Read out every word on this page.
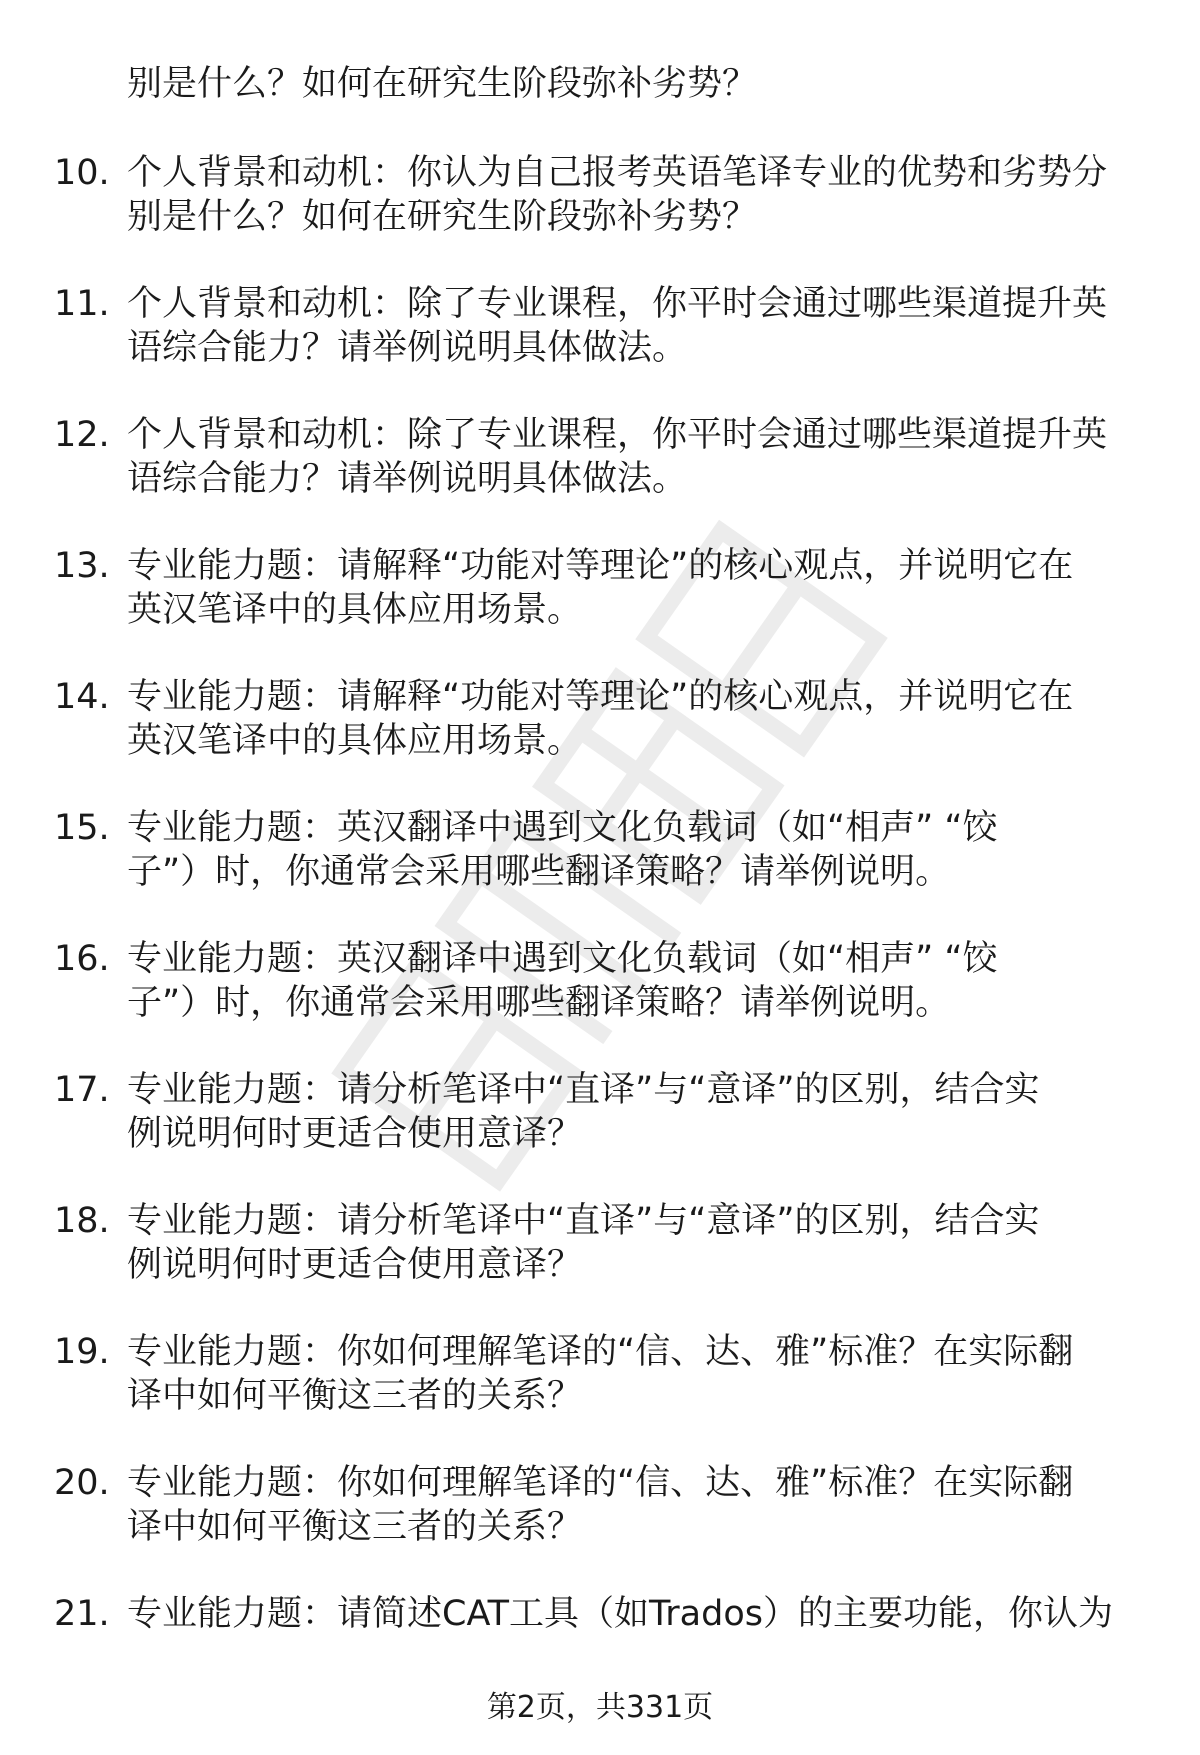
别是什么？如何在研究生阶段弥补劣势？

10. 个人背景和动机：你认为自己报考英语笔译专业的优势和劣势分
别是什么？如何在研究生阶段弥补劣势？
11. 个人背景和动机：除了专业课程，你平时会通过哪些渠道提升英
语综合能力？请举例说明具体做法。
12. 个人背景和动机：除了专业课程，你平时会通过哪些渠道提升英
语综合能力？请举例说明具体做法。
13. 专业能力题：请解释“功能对等理论”的核心观点，并说明它在
英汉笔译中的具体应用场景。
14. 专业能力题：请解释“功能对等理论”的核心观点，并说明它在
英汉笔译中的具体应用场景。
15. 专业能力题：英汉翻译中遇到文化负载词（如“相声” “饺
子”）时，你通常会采用哪些翻译策略？请举例说明。
16. 专业能力题：英汉翻译中遇到文化负载词（如“相声” “饺
子”）时，你通常会采用哪些翻译策略？请举例说明。
17. 专业能力题：请分析笔译中“直译”与“意译”的区别，结合实
例说明何时更适合使用意译？
18. 专业能力题：请分析笔译中“直译”与“意译”的区别，结合实
例说明何时更适合使用意译？
19. 专业能力题：你如何理解笔译的“信、达、雅”标准？在实际翻
译中如何平衡这三者的关系？
20. 专业能力题：你如何理解笔译的“信、达、雅”标准？在实际翻
译中如何平衡这三者的关系？
21. 专业能力题：请简述CAT工具（如Trados）的主要功能，你认为
第2页，共331页
